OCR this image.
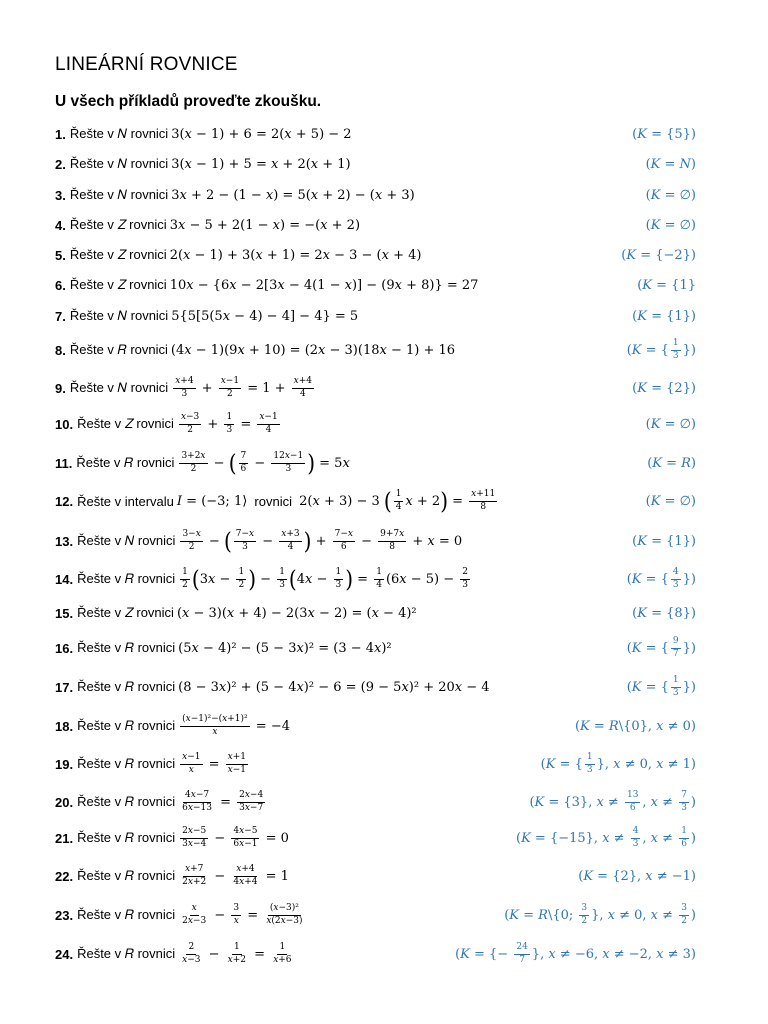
LINEÁRNÍ ROVNICE
U všech příkladů proveďte zkoušku.
1. Řešte v 𝑁 rovnici 3(𝑥 − 1) + 6 = 2(𝑥 + 5) − 2	(𝐾 = {5})
2. Řešte v 𝑁 rovnici 3(𝑥 − 1) + 5 = 𝑥 + 2(𝑥 + 1)	(𝐾 = 𝑁)
3. Řešte v 𝑁 rovnici 3𝑥 + 2 − (1 − 𝑥) = 5(𝑥 + 2) − (𝑥 + 3)	(𝐾 = ∅)
4. Řešte v 𝑍 rovnici 3𝑥 − 5 + 2(1 − 𝑥) = −(𝑥 + 2)	(𝐾 = ∅)
5. Řešte v 𝑍 rovnici 2(𝑥 − 1) + 3(𝑥 + 1) = 2𝑥 − 3 − (𝑥 + 4)	(𝐾 = {−2})
6. Řešte v 𝑍 rovnici 10𝑥 − {6𝑥 − 2[3𝑥 − 4(1 − 𝑥)] − (9𝑥 + 8)} = 27	(𝐾 = {1}
7. Řešte v 𝑁 rovnici 5{5[5(5𝑥 − 4) − 4] − 4} = 5	(𝐾 = {1})
8. Řešte v 𝑅 rovnici (4𝑥 − 1)(9𝑥 + 10) = (2𝑥 − 3)(18𝑥 − 1) + 16	(𝐾 = { $\frac{1}{3}$ })
9. Řešte v 𝑁 rovnici $\frac{\text{𝑥+4}}{3} + \frac{\text{𝑥−1}}{2} = 1 + \frac{\text{𝑥+4}}{4}$	(𝐾 = {2})
10. Řešte v 𝑍 rovnici $\frac{\text{𝑥−3}}{2} + \frac{1}{3} = \frac{\text{𝑥−1}}{4}$	(𝐾 = ∅)
11. Řešte v 𝑅 rovnici $\frac{\text{3+2𝑥}}{2}$ − ( $\frac{7}{6} - \frac{\text{12𝑥−1}}{3}$ ) = 5𝑥	(𝐾 = 𝑅)
12. Řešte v intervalu 𝐼 = (−3; 1⟩ rovnici 2(𝑥 + 3) − 3 ( $\frac{1}{4}$ 𝑥 + 2 ) = $\frac{\text{𝑥+11}}{8}$	(𝐾 = ∅)
13. Řešte v 𝑁 rovnici $\frac{\text{3−𝑥}}{2}$ − ( $\frac{\text{7−𝑥}}{3} - \frac{\text{𝑥+3}}{4}$ ) + $\frac{\text{7−𝑥}}{6} - \frac{\text{9+7𝑥}}{8}$ + 𝑥 = 0	(𝐾 = {1})
14. Řešte v 𝑅 rovnici $\frac{1}{2}$ ( 3𝑥 − $\frac{1}{2}$ ) − $\frac{1}{3}$ ( 4𝑥 − $\frac{1}{3}$ ) = $\frac{1}{4}$ (6𝑥 − $5) - \frac{2}{3}$	(𝐾 = { $\frac{4}{3}$ })
15. Řešte v 𝑍 rovnici (𝑥 − 3)(𝑥 + 4) − 2(3𝑥 − 2) = (𝑥 − 4)²	(𝐾 = {8})
16. Řešte v 𝑅 rovnici (5𝑥 − 4)² − (5 − 3𝑥)² = (3 − 4𝑥)²	(𝐾 = { $\frac{9}{7}$ })
17. Řešte v 𝑅 rovnici (8 − 3𝑥)² + (5 − 4𝑥)² − 6 = (9 − 5𝑥)² + 20𝑥 − 4	(𝐾 = { $\frac{1}{3}$ })
18. Řešte v 𝑅 rovnici $\frac{\text{(𝑥−1)²−(𝑥+1)²}}{\text{𝑥}} = -4$	(𝐾 = 𝑅\{0}, 𝑥 ≠ 0)
19. Řešte v 𝑅 rovnici $\frac{\text{𝑥−1}}{\text{𝑥}} = \frac{\text{𝑥+1}}{\text{𝑥−1}}$	(𝐾 = { $\frac{1}{3}$ }, 𝑥 ≠ 0, 𝑥 ≠ 1)
20. Řešte v 𝑅 rovnici $\frac{\text{4𝑥−7}}{\text{6𝑥−13}} = \frac{\text{2𝑥−4}}{\text{3𝑥−7}}$	(𝐾 = {3}, 𝑥 ≠ $\frac{13}{6}$ , 𝑥 ≠ $\frac{7}{3}$ )
21. Řešte v 𝑅 rovnici $\frac{\text{2𝑥−5}}{\text{3𝑥−4}} - \frac{\text{4𝑥−5}}{\text{6𝑥−1}} = 0$	(𝐾 = {−15}, 𝑥 ≠ $\frac{4}{3}$ , 𝑥 ≠ $\frac{1}{6}$ )
22. Řešte v 𝑅 rovnici $\frac{\text{𝑥+7}}{\text{2𝑥+2}} - \frac{\text{𝑥+4}}{\text{4𝑥+4}} = 1$	(𝐾 = {2}, 𝑥 ≠ −1)
23. Řešte v 𝑅 rovnici $\frac{\text{𝑥}}{\text{2𝑥−3}} - \frac{3}{\text{𝑥}} = \frac{\text{(𝑥−3)²}}{\text{𝑥(2𝑥−3)}}$	(𝐾 = 𝑅\{0; $\frac{3}{2}$ }, 𝑥 ≠ 0, 𝑥 ≠ $\frac{3}{2}$ )
24. Řešte v 𝑅 rovnici $\frac{2}{\text{𝑥−3}} - \frac{1}{\text{𝑥+2}} = \frac{1}{\text{𝑥+6}}$	(𝐾 = {− $\frac{24}{7}$ }, 𝑥 ≠ −6, 𝑥 ≠ −2, 𝑥 ≠ 3)
